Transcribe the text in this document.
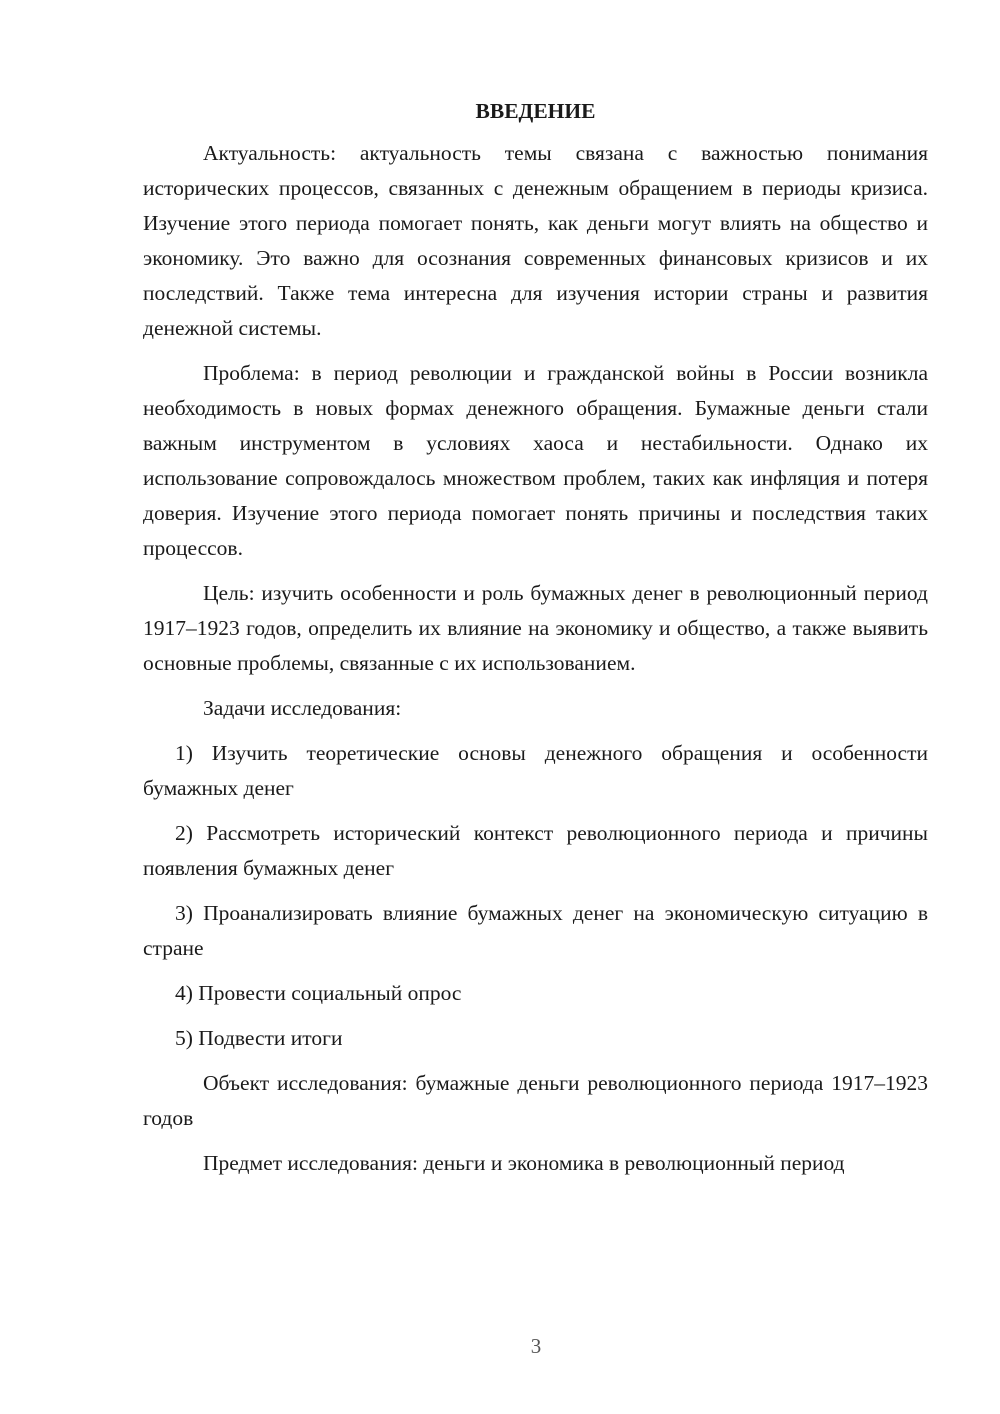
ВВЕДЕНИЕ

Актуальность: актуальность темы связана с важностью понимания исторических процессов, связанных с денежным обращением в периоды кризиса. Изучение этого периода помогает понять, как деньги могут влиять на общество и экономику. Это важно для осознания современных финансовых кризисов и их последствий. Также тема интересна для изучения истории страны и развития денежной системы.

Проблема: в период революции и гражданской войны в России возникла необходимость в новых формах денежного обращения. Бумажные деньги стали важным инструментом в условиях хаоса и нестабильности. Однако их использование сопровождалось множеством проблем, таких как инфляция и потеря доверия. Изучение этого периода помогает понять причины и последствия таких процессов.

Цель: изучить особенности и роль бумажных денег в революционный период 1917–1923 годов, определить их влияние на экономику и общество, а также выявить основные проблемы, связанные с их использованием.

Задачи исследования:

1) Изучить теоретические основы денежного обращения и особенности бумажных денег

2) Рассмотреть исторический контекст революционного периода и причины появления бумажных денег

3) Проанализировать влияние бумажных денег на экономическую ситуацию в стране

4) Провести социальный опрос

5) Подвести итоги

Объект исследования: бумажные деньги революционного периода 1917–1923 годов

Предмет исследования: деньги и экономика в революционный период

3
